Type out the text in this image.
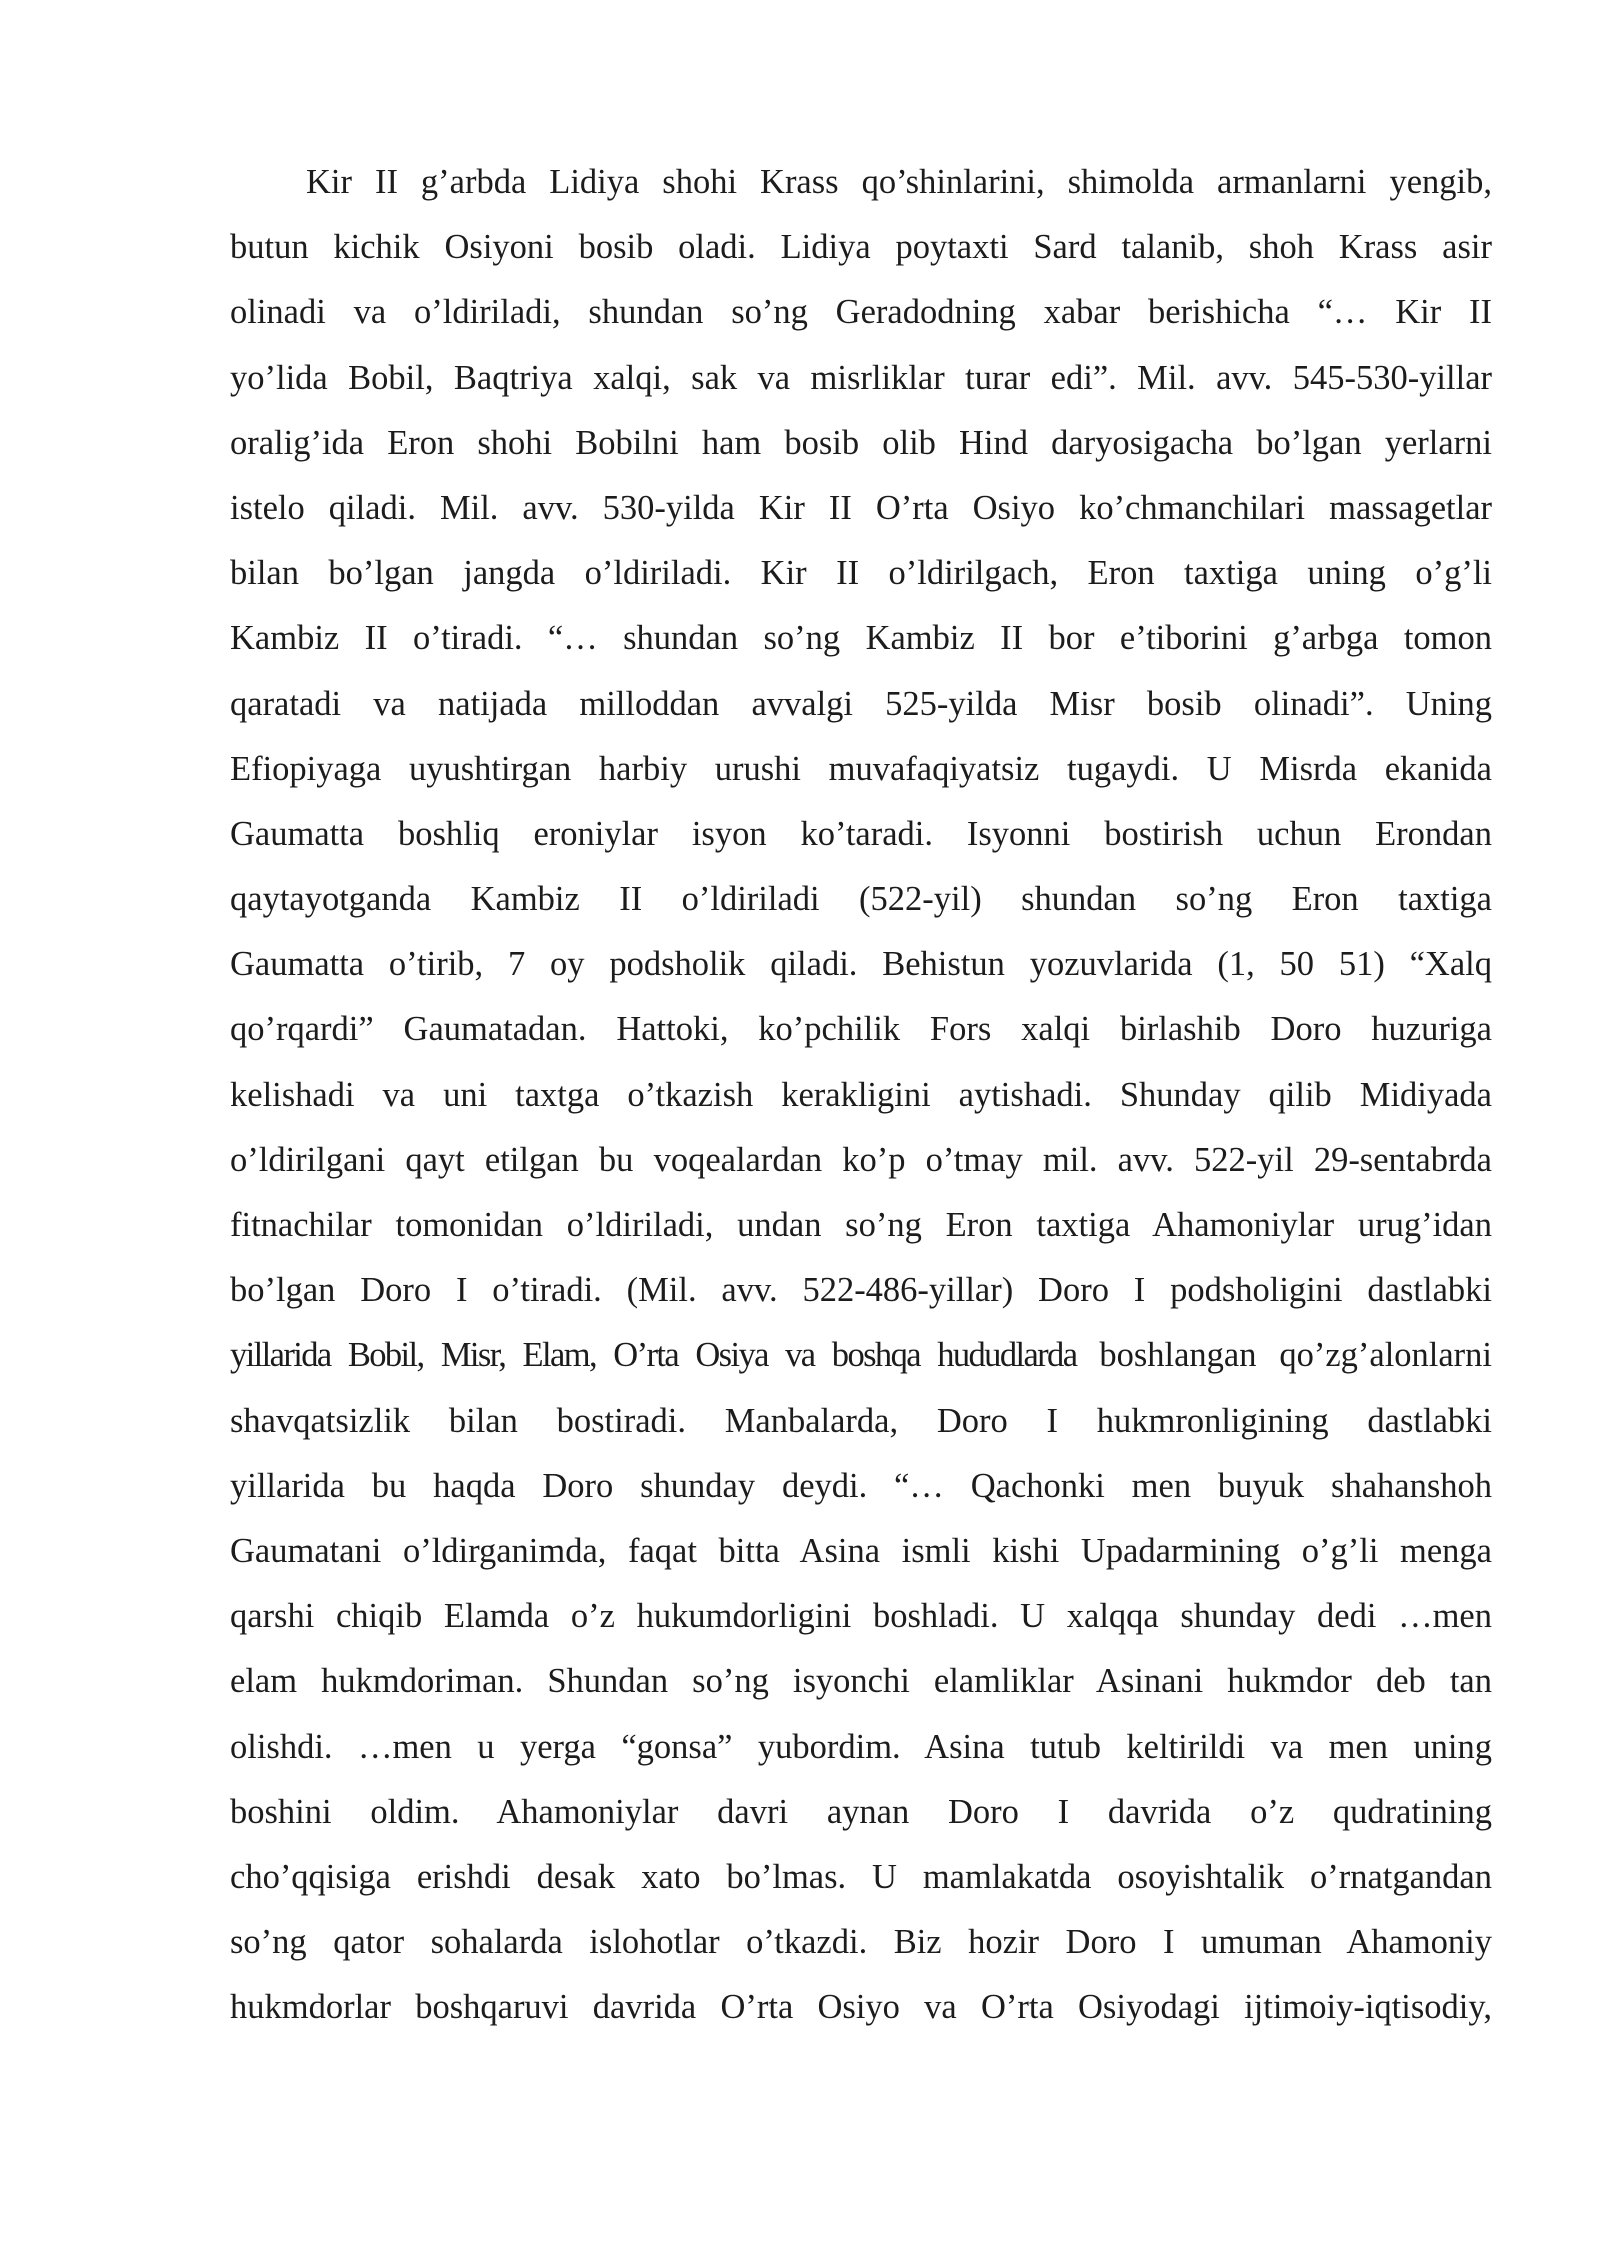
Kir II g’arbda Lidiya shohi Krass qo’shinlarini, shimolda armanlarni yengib,
butun kichik Osiyoni bosib oladi. Lidiya poytaxti Sard talanib, shoh Krass asir
olinadi va o’ldiriladi, shundan so’ng Geradodning xabar berishicha “… Kir II
yo’lida Bobil, Baqtriya xalqi, sak va misrliklar turar edi”. Mil. avv. 545-530-yillar
oralig’ida Eron shohi Bobilni ham bosib olib Hind daryosigacha bo’lgan yerlarni
istelo qiladi. Mil. avv. 530-yilda Kir II O’rta Osiyo ko’chmanchilari massagetlar
bilan bo’lgan jangda o’ldiriladi. Kir II o’ldirilgach, Eron taxtiga uning o’g’li
Kambiz II o’tiradi. “… shundan so’ng Kambiz II bor e’tiborini g’arbga tomon
qaratadi va natijada milloddan avvalgi 525-yilda Misr bosib olinadi”. Uning
Efiopiyaga uyushtirgan harbiy urushi muvafaqiyatsiz tugaydi. U Misrda ekanida
Gaumatta boshliq eroniylar isyon ko’taradi. Isyonni bostirish uchun Erondan
qaytayotganda Kambiz II o’ldiriladi (522-yil) shundan so’ng Eron taxtiga
Gaumatta o’tirib, 7 oy podsholik qiladi. Behistun yozuvlarida (1, 50 51) “Xalq
qo’rqardi” Gaumatadan. Hattoki, ko’pchilik Fors xalqi birlashib Doro huzuriga
kelishadi va uni taxtga o’tkazish kerakligini aytishadi. Shunday qilib Midiyada
o’ldirilgani qayt etilgan bu voqealardan ko’p o’tmay mil. avv. 522-yil 29-sentabrda
fitnachilar tomonidan o’ldiriladi, undan so’ng Eron taxtiga Ahamoniylar urug’idan
bo’lgan Doro I o’tiradi. (Mil. avv. 522-486-yillar) Doro I podsholigini dastlabki
yillarida Bobil, Misr, Elam, O’rta Osiya va boshqa hududlarda boshlangan qo’zg’alonlarni
shavqatsizlik bilan bostiradi. Manbalarda, Doro I hukmronligining dastlabki
yillarida bu haqda Doro shunday deydi. “… Qachonki men buyuk shahanshoh
Gaumatani o’ldirganimda, faqat bitta Asina ismli kishi Upadarmining o’g’li menga
qarshi chiqib Elamda o’z hukumdorligini boshladi. U xalqqa shunday dedi …men
elam hukmdoriman. Shundan so’ng isyonchi elamliklar Asinani hukmdor deb tan
olishdi. …men u yerga “gonsa” yubordim. Asina tutub keltirildi va men uning
boshini oldim. Ahamoniylar davri aynan Doro I davrida o’z qudratining
cho’qqisiga erishdi desak xato bo’lmas. U mamlakatda osoyishtalik o’rnatgandan
so’ng qator sohalarda islohotlar o’tkazdi. Biz hozir Doro I umuman Ahamoniy
hukmdorlar boshqaruvi davrida O’rta Osiyo va O’rta Osiyodagi ijtimoiy-iqtisodiy,
